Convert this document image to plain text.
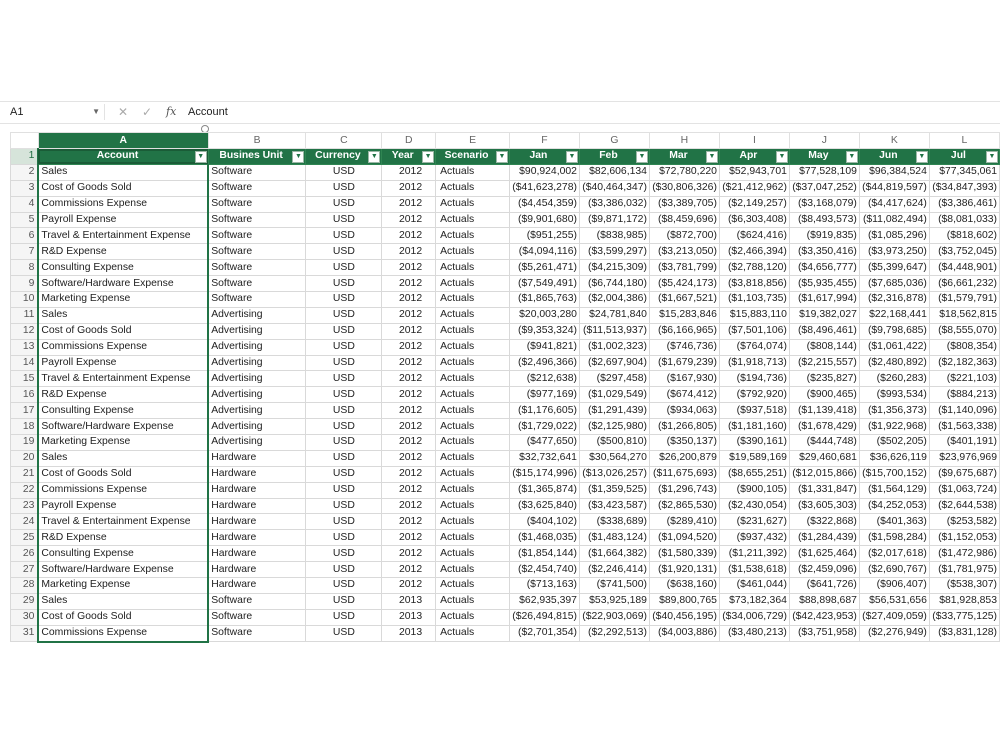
A1	▼ ✕ ✓ fx Account
	A	B	C	D	E	F	G	H	I	J	K	L
1	Account ▼	Busines Unit ▼	Currency ▼	Year ▼	Scenario ▼	Jan ▼	Feb ▼	Mar ▼	Apr ▼	May ▼	Jun ▼	Jul ▼

2	Sales	Software	USD	2012	Actuals	$90,924,002	$82,606,134	$72,780,220	$52,943,701	$77,528,109	$96,384,524	$77,345,061
3	Cost of Goods Sold	Software	USD	2012	Actuals	($41,623,278)	($40,464,347)	($30,806,326)	($21,412,962)	($37,047,252)	($44,819,597)	($34,847,393)
4	Commissions Expense	Software	USD	2012	Actuals	($4,454,359)	($3,386,032)	($3,389,705)	($2,149,257)	($3,168,079)	($4,417,624)	($3,386,461)
5	Payroll Expense	Software	USD	2012	Actuals	($9,901,680)	($9,871,172)	($8,459,696)	($6,303,408)	($8,493,573)	($11,082,494)	($8,081,033)
6	Travel & Entertainment Expense	Software	USD	2012	Actuals	($951,255)	($838,985)	($872,700)	($624,416)	($919,835)	($1,085,296)	($818,602)
7	R&D Expense	Software	USD	2012	Actuals	($4,094,116)	($3,599,297)	($3,213,050)	($2,466,394)	($3,350,416)	($3,973,250)	($3,752,045)
8	Consulting Expense	Software	USD	2012	Actuals	($5,261,471)	($4,215,309)	($3,781,799)	($2,788,120)	($4,656,777)	($5,399,647)	($4,448,901)
9	Software/Hardware Expense	Software	USD	2012	Actuals	($7,549,491)	($6,744,180)	($5,424,173)	($3,818,856)	($5,935,455)	($7,685,036)	($6,661,232)
10	Marketing Expense	Software	USD	2012	Actuals	($1,865,763)	($2,004,386)	($1,667,521)	($1,103,735)	($1,617,994)	($2,316,878)	($1,579,791)
11	Sales	Advertising	USD	2012	Actuals	$20,003,280	$24,781,840	$15,283,846	$15,883,110	$19,382,027	$22,168,441	$18,562,815
12	Cost of Goods Sold	Advertising	USD	2012	Actuals	($9,353,324)	($11,513,937)	($6,166,965)	($7,501,106)	($8,496,461)	($9,798,685)	($8,555,070)
13	Commissions Expense	Advertising	USD	2012	Actuals	($941,821)	($1,002,323)	($746,736)	($764,074)	($808,144)	($1,061,422)	($808,354)
14	Payroll Expense	Advertising	USD	2012	Actuals	($2,496,366)	($2,697,904)	($1,679,239)	($1,918,713)	($2,215,557)	($2,480,892)	($2,182,363)
15	Travel & Entertainment Expense	Advertising	USD	2012	Actuals	($212,638)	($297,458)	($167,930)	($194,736)	($235,827)	($260,283)	($221,103)
16	R&D Expense	Advertising	USD	2012	Actuals	($977,169)	($1,029,549)	($674,412)	($792,920)	($900,465)	($993,534)	($884,213)
17	Consulting Expense	Advertising	USD	2012	Actuals	($1,176,605)	($1,291,439)	($934,063)	($937,518)	($1,139,418)	($1,356,373)	($1,140,096)
18	Software/Hardware Expense	Advertising	USD	2012	Actuals	($1,729,022)	($2,125,980)	($1,266,805)	($1,181,160)	($1,678,429)	($1,922,968)	($1,563,338)
19	Marketing Expense	Advertising	USD	2012	Actuals	($477,650)	($500,810)	($350,137)	($390,161)	($444,748)	($502,205)	($401,191)
20	Sales	Hardware	USD	2012	Actuals	$32,732,641	$30,564,270	$26,200,879	$19,589,169	$29,460,681	$36,626,119	$23,976,969
21	Cost of Goods Sold	Hardware	USD	2012	Actuals	($15,174,996)	($13,026,257)	($11,675,693)	($8,655,251)	($12,015,866)	($15,700,152)	($9,675,687)
22	Commissions Expense	Hardware	USD	2012	Actuals	($1,365,874)	($1,359,525)	($1,296,743)	($900,105)	($1,331,847)	($1,564,129)	($1,063,724)
23	Payroll Expense	Hardware	USD	2012	Actuals	($3,625,840)	($3,423,587)	($2,865,530)	($2,430,054)	($3,605,303)	($4,252,053)	($2,644,538)
24	Travel & Entertainment Expense	Hardware	USD	2012	Actuals	($404,102)	($338,689)	($289,410)	($231,627)	($322,868)	($401,363)	($253,582)
25	R&D Expense	Hardware	USD	2012	Actuals	($1,468,035)	($1,483,124)	($1,094,520)	($937,432)	($1,284,439)	($1,598,284)	($1,152,053)
26	Consulting Expense	Hardware	USD	2012	Actuals	($1,854,144)	($1,664,382)	($1,580,339)	($1,211,392)	($1,625,464)	($2,017,618)	($1,472,986)
27	Software/Hardware Expense	Hardware	USD	2012	Actuals	($2,454,740)	($2,246,414)	($1,920,131)	($1,538,618)	($2,459,096)	($2,690,767)	($1,781,975)
28	Marketing Expense	Hardware	USD	2012	Actuals	($713,163)	($741,500)	($638,160)	($461,044)	($641,726)	($906,407)	($538,307)
29	Sales	Software	USD	2013	Actuals	$62,935,397	$53,925,189	$89,800,765	$73,182,364	$88,898,687	$56,531,656	$81,928,853
30	Cost of Goods Sold	Software	USD	2013	Actuals	($26,494,815)	($22,903,069)	($40,456,195)	($34,006,729)	($42,423,953)	($27,409,059)	($33,775,125)
31	Commissions Expense	Software	USD	2013	Actuals	($2,701,354)	($2,292,513)	($4,003,886)	($3,480,213)	($3,751,958)	($2,276,949)	($3,831,128)
